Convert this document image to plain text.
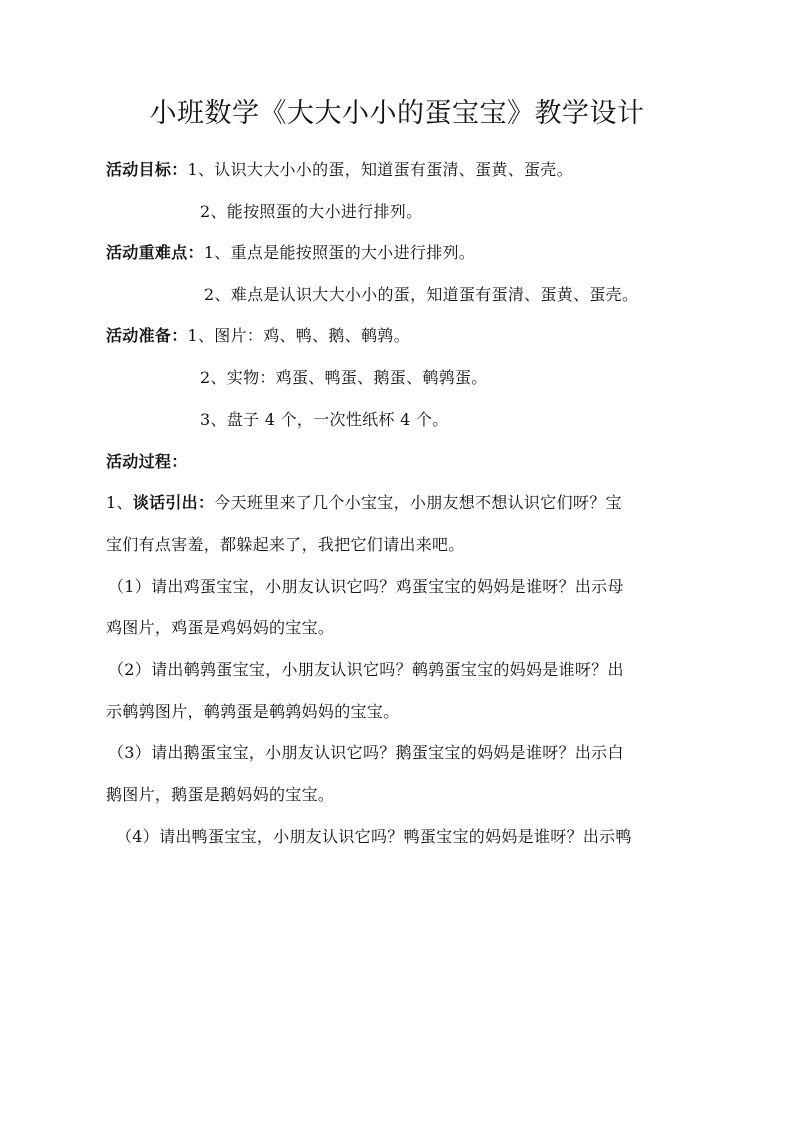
小班数学《大大小小的蛋宝宝》教学设计
活动目标：1、认识大大小小的蛋，知道蛋有蛋清、蛋黄、蛋壳。
2、能按照蛋的大小进行排列。
活动重难点：1、重点是能按照蛋的大小进行排列。
2、难点是认识大大小小的蛋，知道蛋有蛋清、蛋黄、蛋壳。
活动准备：1、图片：鸡、鸭、鹅、鹌鹑。
2、实物：鸡蛋、鸭蛋、鹅蛋、鹌鹑蛋。
3、盘子 4 个，一次性纸杯 4 个。
活动过程：
1、谈话引出：今天班里来了几个小宝宝，小朋友想不想认识它们呀？宝
宝们有点害羞，都躲起来了，我把它们请出来吧。
（1）请出鸡蛋宝宝，小朋友认识它吗？鸡蛋宝宝的妈妈是谁呀？出示母
鸡图片，鸡蛋是鸡妈妈的宝宝。
（2）请出鹌鹑蛋宝宝，小朋友认识它吗？鹌鹑蛋宝宝的妈妈是谁呀？出
示鹌鹑图片，鹌鹑蛋是鹌鹑妈妈的宝宝。
（3）请出鹅蛋宝宝，小朋友认识它吗？鹅蛋宝宝的妈妈是谁呀？出示白
鹅图片，鹅蛋是鹅妈妈的宝宝。
（4）请出鸭蛋宝宝，小朋友认识它吗？鸭蛋宝宝的妈妈是谁呀？出示鸭
